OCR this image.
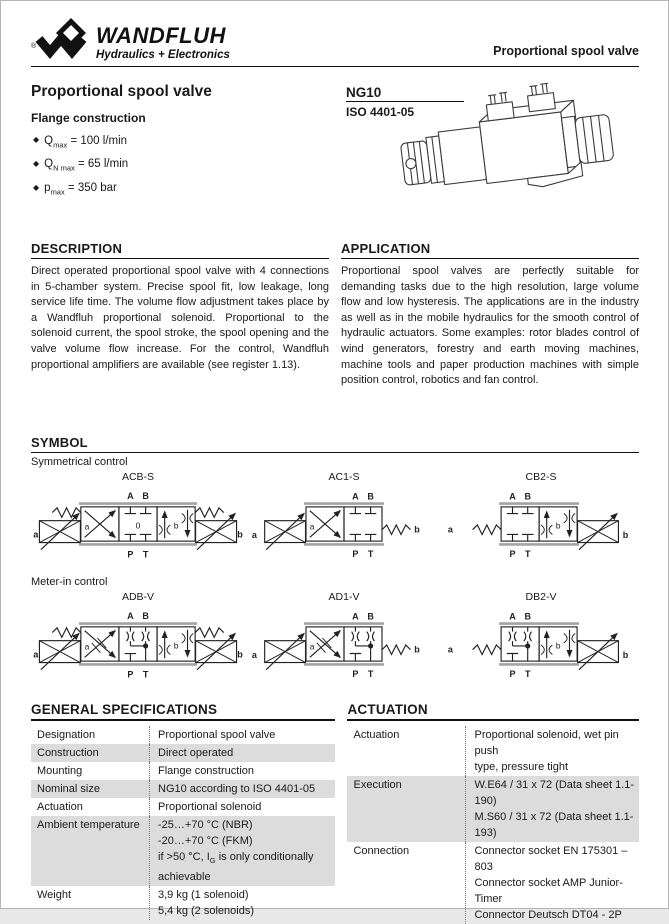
®	WANDFLUH
Hydraulics + Electronics	Proportional spool valve
Proportional spool valve
Flange construction
◆ $Q_{max} = 100$ l/min
◆ $Q_{N max} = 65$ l/min
◆ $p_{max} = 350$ bar
NG10
ISO 4401-05
DESCRIPTION
Direct operated proportional spool valve with 4 connections in 5-chamber system. Precise spool fit, low leakage, long service life time. The volume flow adjustment takes place by a Wandfluh proportional solenoid. Proportional to the solenoid current, the spool stroke, the spool opening and the valve volume flow increase. For the control, Wandfluh proportional amplifiers are available (see register 1.13).
APPLICATION
Proportional spool valves are perfectly suitable for demanding tasks due to the high resolution, large volume flow and low hysteresis. The applications are in the industry as well as in the mobile hydraulics for the smooth control of hydraulic actuators. Some examples: rotor blades control of wind generators, forestry and earth moving machines, machine tools and paper production machines with simple position control, robotics and fan control.
SYMBOL
Symmetrical control
ACB-S
a	b
a	0	b
A B
P T
AC1-S
a
b
a
A B
P T
CB2-S
a
b
b
A B
P T
Meter-in control
ADB-V
a	b
a	b
A B
P T
AD1-V
a
b
a
A B
P T
DB2-V
a
b
b
A B
P T
GENERAL SPECIFICATIONS
Designation	Proportional spool valve
Construction	Direct operated
Mounting	Flange construction
Nominal size	NG10 according to ISO 4401-05
Actuation	Proportional solenoid
Ambient temperature	-25…+70 °C (NBR)
-20…+70 °C (FKM)
if >50 °C, $I_G$ is only conditionally
achievable
Weight	3,9 kg (1 solenoid)
5,4 kg (2 solenoids)
ACTUATION
Actuation	Proportional solenoid, wet pin push
type, pressure tight
Execution	W.E64 / 31 x 72 (Data sheet 1.1-190)
M.S60 / 31 x 72 (Data sheet 1.1-193)
Connection	Connector socket EN 175301 – 803
Connector socket AMP Junior-Timer
Connector Deutsch DT04 - 2P
